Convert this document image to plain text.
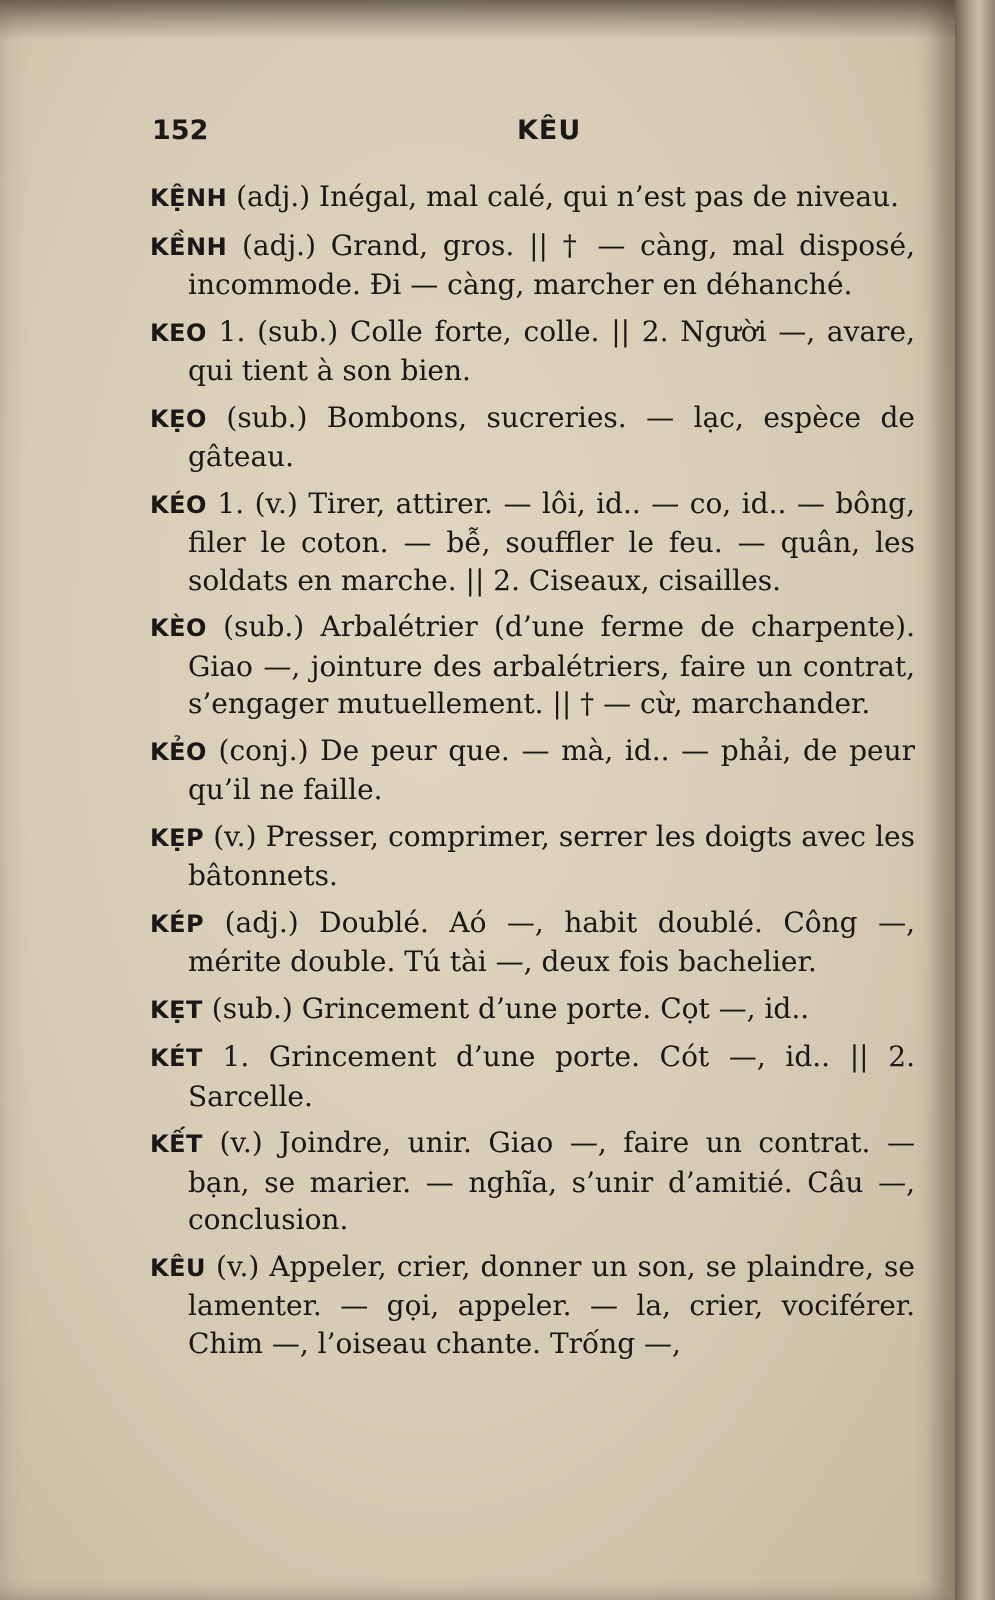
152	KÊU

KỆNH (adj.) Inégal, mal calé, qui n’est pas de niveau.

KỀNH (adj.) Grand, gros. || † — càng, mal disposé, incommode. Đi — càng, marcher en déhanché.

KEO 1. (sub.) Colle forte, colle. || 2. Người —, avare, qui tient à son bien.

KẸO (sub.) Bombons, sucreries. — lạc, espèce de gâteau.

KÉO 1. (v.) Tirer, attirer. — lôi, id.. — co, id.. — bông, filer le coton. — bễ, souffler le feu. — quân, les soldats en marche. || 2. Ciseaux, cisailles.

KÈO (sub.) Arbalétrier (d’une ferme de charpente). Giao —, jointure des arbalétriers, faire un contrat, s’engager mutuellement. || † — cừ, marchander.

KẺO (conj.) De peur que. — mà, id.. — phải, de peur qu’il ne faille.

KẸP (v.) Presser, comprimer, serrer les doigts avec les bâtonnets.

KÉP (adj.) Doublé. Aó —, habit doublé. Công —, mérite double. Tú tài —, deux fois bachelier.

KẸT (sub.) Grincement d’une porte. Cọt —, id..

KÉT 1. Grincement d’une porte. Cót —, id.. || 2. Sarcelle.

KẾT (v.) Joindre, unir. Giao —, faire un contrat. — bạn, se marier. — nghĩa, s’unir d’amitié. Câu —, conclusion.

KÊU (v.) Appeler, crier, donner un son, se plaindre, se lamenter. — gọi, appeler. — la, crier, vociférer. Chim —, l’oiseau chante. Trống —,
